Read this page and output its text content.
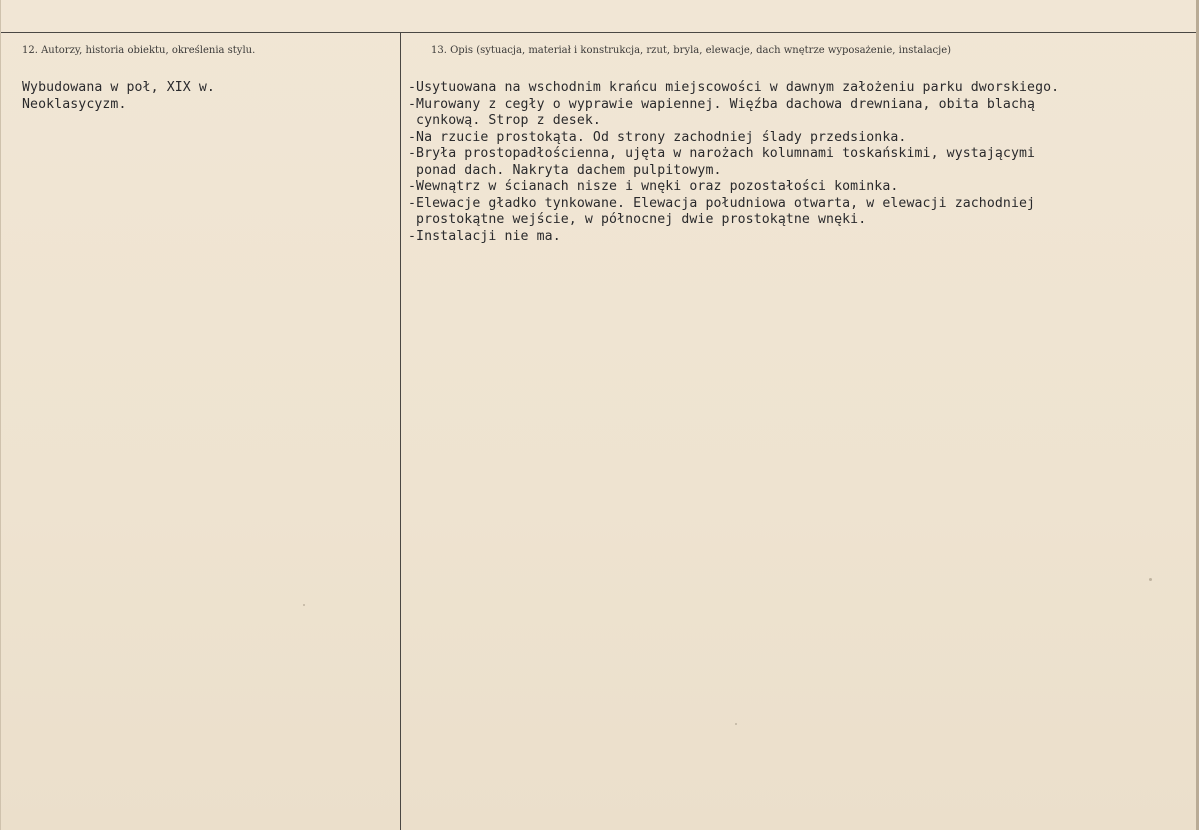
12. Autorzy, historia obiektu, określenia stylu.	13. Opis (sytuacja, materiał i konstrukcja, rzut, bryla, elewacje, dach wnętrze wyposażenie, instalacje)
Wybudowana w poł, XIX w.
Neoklasycyzm.
-Usytuowana na wschodnim krańcu miejscowości w dawnym założeniu parku dworskiego.
-Murowany z cegły o wyprawie wapiennej. Więźba dachowa drewniana, obita blachą
cynkową. Strop z desek.
-Na rzucie prostokąta. Od strony zachodniej ślady przedsionka.
-Bryła prostopadłościenna, ujęta w narożach kolumnami toskańskimi, wystającymi
ponad dach. Nakryta dachem pulpitowym.
-Wewnątrz w ścianach nisze i wnęki oraz pozostałości kominka.
-Elewacje gładko tynkowane. Elewacja południowa otwarta, w elewacji zachodniej
prostokątne wejście, w północnej dwie prostokątne wnęki.
-Instalacji nie ma.
